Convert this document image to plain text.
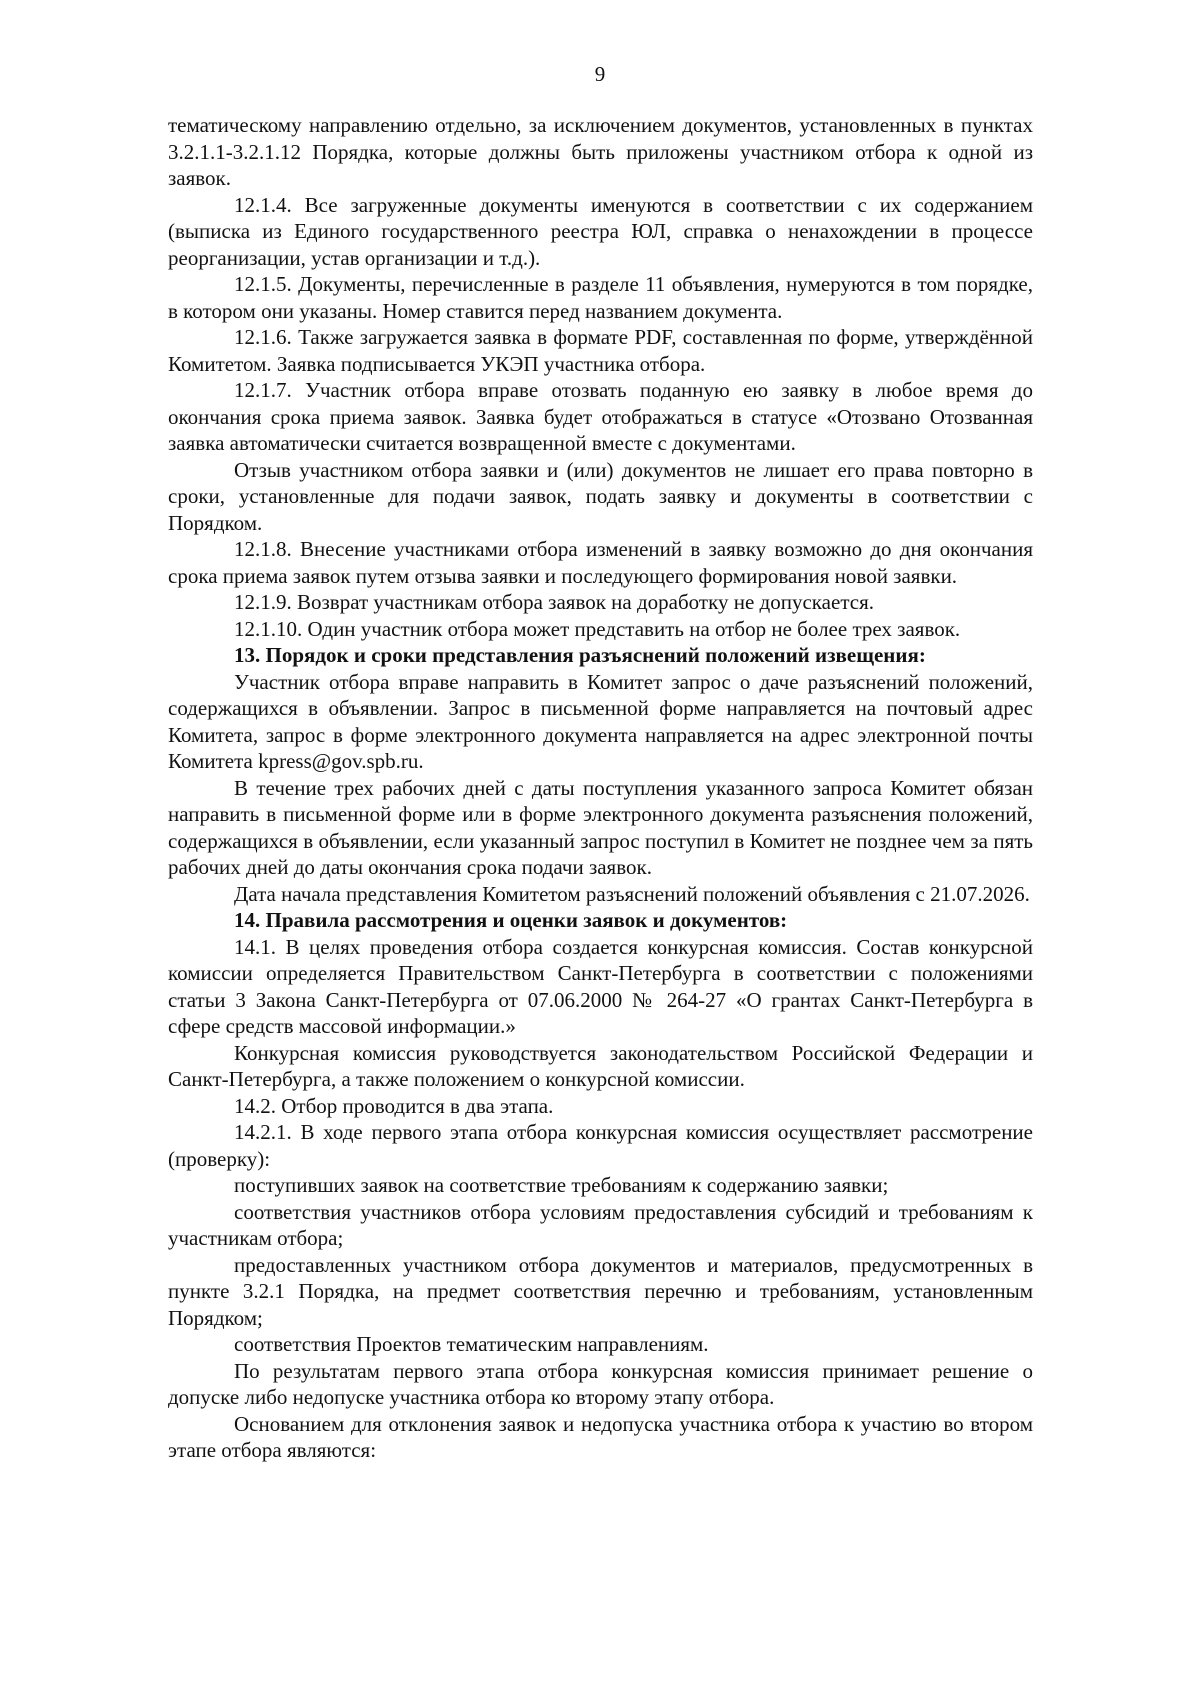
9

тематическому направлению отдельно, за исключением документов, установленных в пунктах 3.2.1.1-3.2.1.12 Порядка, которые должны быть приложены участником отбора к одной из заявок.

12.1.4. Все загруженные документы именуются в соответствии с их содержанием (выписка из Единого государственного реестра ЮЛ, справка о ненахождении в процессе реорганизации, устав организации и т.д.).

12.1.5. Документы, перечисленные в разделе 11 объявления, нумеруются в том порядке, в котором они указаны. Номер ставится перед названием документа.

12.1.6. Также загружается заявка в формате PDF, составленная по форме, утверждённой Комитетом. Заявка подписывается УКЭП участника отбора.

12.1.7. Участник отбора вправе отозвать поданную ею заявку в любое время до окончания срока приема заявок. Заявка будет отображаться в статусе «Отозвано Отозванная заявка автоматически считается возвращенной вместе с документами.

Отзыв участником отбора заявки и (или) документов не лишает его права повторно в сроки, установленные для подачи заявок, подать заявку и документы в соответствии с Порядком.

12.1.8. Внесение участниками отбора изменений в заявку возможно до дня окончания срока приема заявок путем отзыва заявки и последующего формирования новой заявки.

12.1.9. Возврат участникам отбора заявок на доработку не допускается.

12.1.10. Один участник отбора может представить на отбор не более трех заявок.

13. Порядок и сроки представления разъяснений положений извещения:

Участник отбора вправе направить в Комитет запрос о даче разъяснений положений, содержащихся в объявлении. Запрос в письменной форме направляется на почтовый адрес Комитета, запрос в форме электронного документа направляется на адрес электронной почты Комитета kpress@gov.spb.ru.

В течение трех рабочих дней с даты поступления указанного запроса Комитет обязан направить в письменной форме или в форме электронного документа разъяснения положений, содержащихся в объявлении, если указанный запрос поступил в Комитет не позднее чем за пять рабочих дней до даты окончания срока подачи заявок.

Дата начала представления Комитетом разъяснений положений объявления с 21.07.2026.

14. Правила рассмотрения и оценки заявок и документов:

14.1. В целях проведения отбора создается конкурсная комиссия. Состав конкурсной комиссии определяется Правительством Санкт-Петербурга в соответствии с положениями статьи 3 Закона Санкт-Петербурга от 07.06.2000 № 264-27 «О грантах Санкт-Петербурга в сфере средств массовой информации.»

Конкурсная комиссия руководствуется законодательством Российской Федерации и Санкт-Петербурга, а также положением о конкурсной комиссии.

14.2. Отбор проводится в два этапа.

14.2.1. В ходе первого этапа отбора конкурсная комиссия осуществляет рассмотрение (проверку):

поступивших заявок на соответствие требованиям к содержанию заявки;

соответствия участников отбора условиям предоставления субсидий и требованиям к участникам отбора;

предоставленных участником отбора документов и материалов, предусмотренных в пункте 3.2.1 Порядка, на предмет соответствия перечню и требованиям, установленным Порядком;

соответствия Проектов тематическим направлениям.

По результатам первого этапа отбора конкурсная комиссия принимает решение о допуске либо недопуске участника отбора ко второму этапу отбора.

Основанием для отклонения заявок и недопуска участника отбора к участию во втором этапе отбора являются:
